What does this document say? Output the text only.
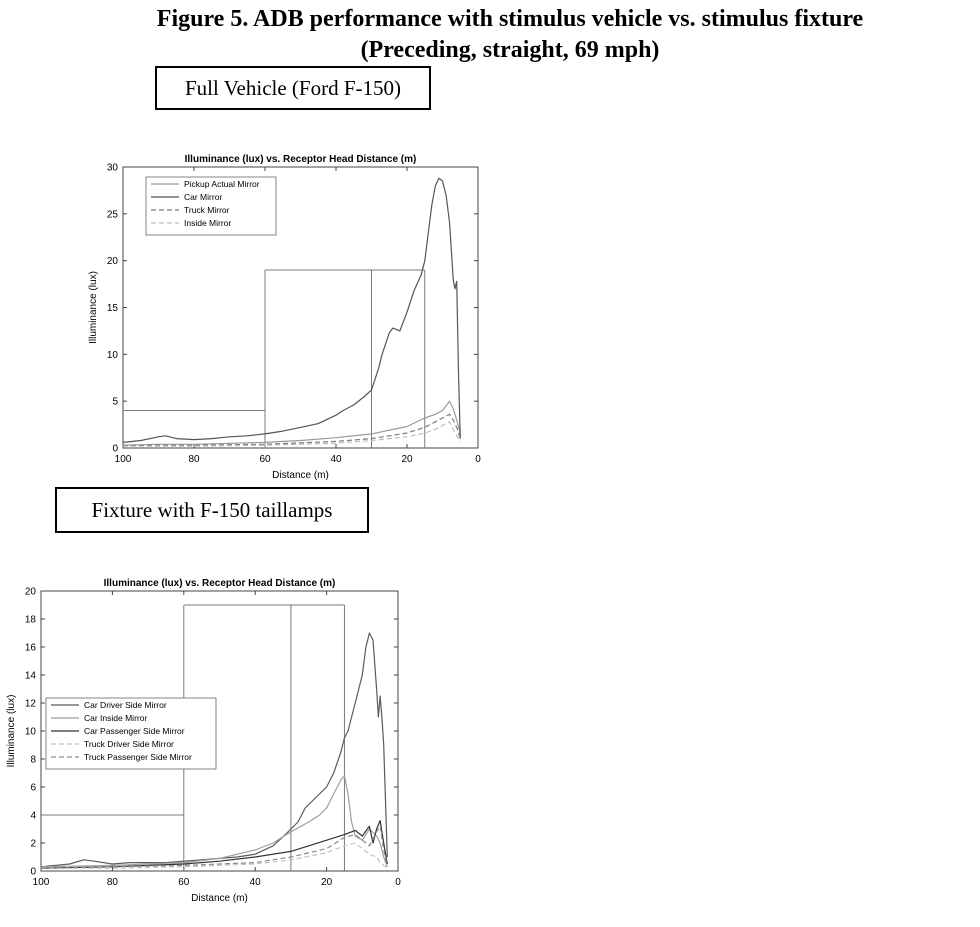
Figure 5. ADB performance with stimulus vehicle vs. stimulus fixture
(Preceding, straight, 69 mph)
Full Vehicle (Ford F-150)
Fixture with F-150 taillamps
Illuminance (lux) vs. Receptor Head Distance (m)
100	80	60	40	20	0
0
5
10
15
20
25
30
Distance (m)
Illuminance (lux)
Pickup Actual Mirror
Car Mirror
Truck Mirror
Inside Mirror
Illuminance (lux) vs. Receptor Head Distance (m)
100	80	60	40	20	0
0
2
4
6
8
10
12
14
16
18
20
Distance (m)
Illuminance (lux)	Car Driver Side Mirror
Car Inside Mirror
Car Passenger Side Mirror
Truck Driver Side Mirror
Truck Passenger Side Mirror
